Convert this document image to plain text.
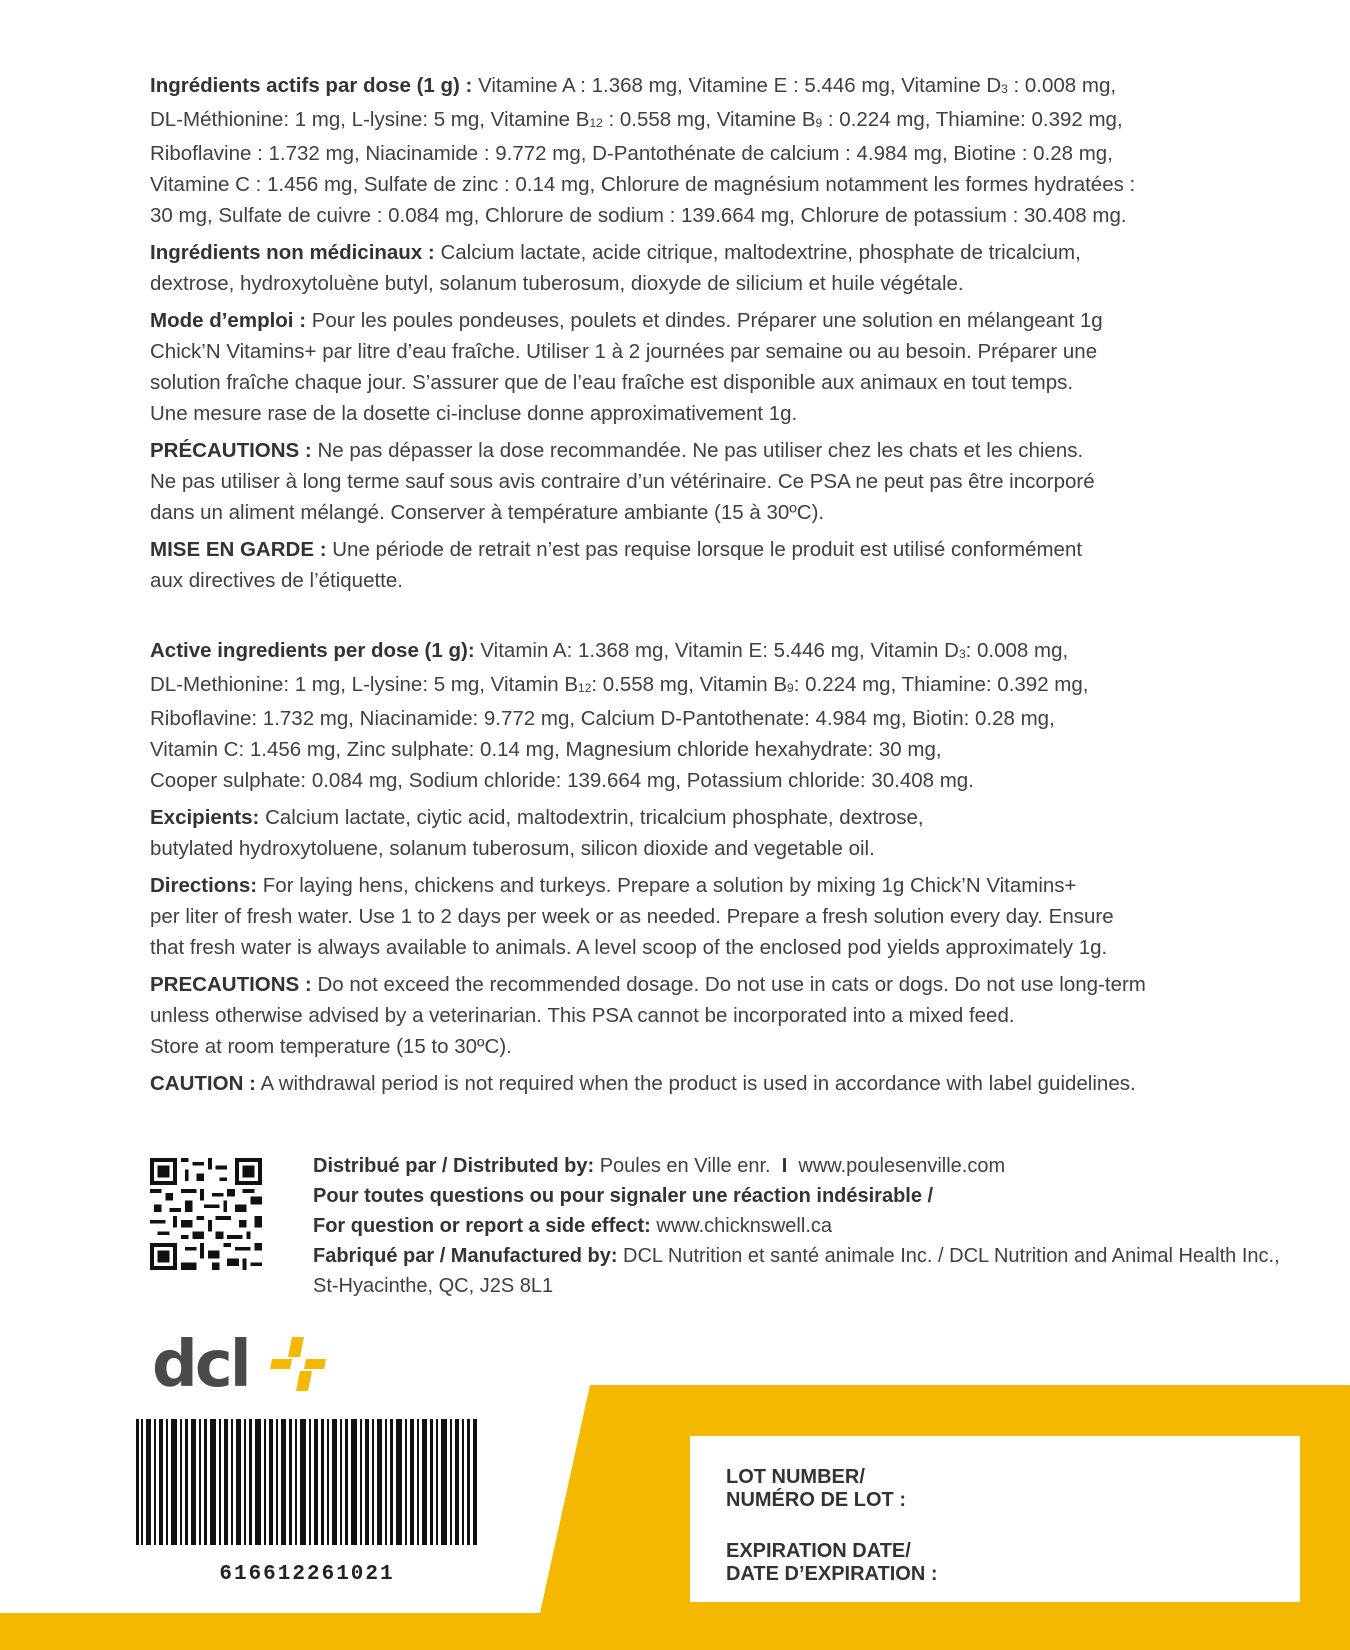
Ingrédients actifs par dose (1 g) : Vitamine A : 1.368 mg, Vitamine E : 5.446 mg, Vitamine $D_3$ : 0.008 mg,
DL-Méthionine: 1 mg, L-lysine: 5 mg, Vitamine $B_{12}$ : 0.558 mg, Vitamine $B_9$ : 0.224 mg, Thiamine: 0.392 mg,
Riboflavine : 1.732 mg, Niacinamide : 9.772 mg, D-Pantothénate de calcium : 4.984 mg, Biotine : 0.28 mg,
Vitamine C : 1.456 mg, Sulfate de zinc : 0.14 mg, Chlorure de magnésium notamment les formes hydratées :
30 mg, Sulfate de cuivre : 0.084 mg, Chlorure de sodium : 139.664 mg, Chlorure de potassium : 30.408 mg.

Ingrédients non médicinaux : Calcium lactate, acide citrique, maltodextrine, phosphate de tricalcium,
dextrose, hydroxytoluène butyl, solanum tuberosum, dioxyde de silicium et huile végétale.

Mode d’emploi : Pour les poules pondeuses, poulets et dindes. Préparer une solution en mélangeant 1g
Chick’N Vitamins+ par litre d’eau fraîche. Utiliser 1 à 2 journées par semaine ou au besoin. Préparer une
solution fraîche chaque jour. S’assurer que de l’eau fraîche est disponible aux animaux en tout temps.
Une mesure rase de la dosette ci-incluse donne approximativement 1g.

PRÉCAUTIONS : Ne pas dépasser la dose recommandée. Ne pas utiliser chez les chats et les chiens.
Ne pas utiliser à long terme sauf sous avis contraire d’un vétérinaire. Ce PSA ne peut pas être incorporé
dans un aliment mélangé. Conserver à température ambiante (15 à 30ºC).

MISE EN GARDE : Une période de retrait n’est pas requise lorsque le produit est utilisé conformément
aux directives de l’étiquette.

Active ingredients per dose (1 g): Vitamin A: 1.368 mg, Vitamin E: 5.446 mg, Vitamin $D_3$: 0.008 mg,
DL-Methionine: 1 mg, L-lysine: 5 mg, Vitamin $B_{12}$: 0.558 mg, Vitamin $B_9$: 0.224 mg, Thiamine: 0.392 mg,
Riboflavine: 1.732 mg, Niacinamide: 9.772 mg, Calcium D-Pantothenate: 4.984 mg, Biotin: 0.28 mg,
Vitamin C: 1.456 mg, Zinc sulphate: 0.14 mg, Magnesium chloride hexahydrate: 30 mg,
Cooper sulphate: 0.084 mg, Sodium chloride: 139.664 mg, Potassium chloride: 30.408 mg.

Excipients: Calcium lactate, ciytic acid, maltodextrin, tricalcium phosphate, dextrose,
butylated hydroxytoluene, solanum tuberosum, silicon dioxide and vegetable oil.

Directions: For laying hens, chickens and turkeys. Prepare a solution by mixing 1g Chick’N Vitamins+
per liter of fresh water. Use 1 to 2 days per week or as needed. Prepare a fresh solution every day. Ensure
that fresh water is always available to animals. A level scoop of the enclosed pod yields approximately 1g.

PRECAUTIONS : Do not exceed the recommended dosage. Do not use in cats or dogs. Do not use long-term
unless otherwise advised by a veterinarian. This PSA cannot be incorporated into a mixed feed.
Store at room temperature (15 to 30ºC).

CAUTION : A withdrawal period is not required when the product is used in accordance with label guidelines.

Distribué par / Distributed by: Poules en Ville enr. I www.poulesenville.com
Pour toutes questions ou pour signaler une réaction indésirable /
For question or report a side effect: www.chicknswell.ca
Fabriqué par / Manufactured by: DCL Nutrition et santé animale Inc. / DCL Nutrition and Animal Health Inc.,
St-Hyacinthe, QC, J2S 8L1
dcl
616612261021

LOT NUMBER/
NUMÉRO DE LOT :

EXPIRATION DATE/
DATE D’EXPIRATION :
